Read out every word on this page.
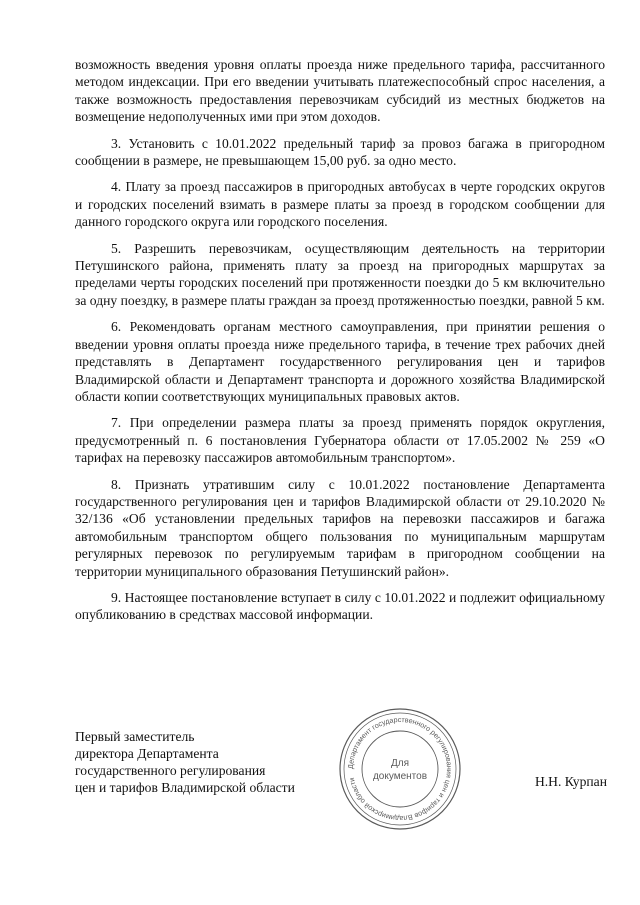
возможность введения уровня оплаты проезда ниже предельного тарифа, рассчитанного методом индексации. При его введении учитывать платежеспособный спрос населения, а также возможность предоставления перевозчикам субсидий из местных бюджетов на возмещение недополученных ими при этом доходов.

3. Установить с 10.01.2022 предельный тариф за провоз багажа в пригородном сообщении в размере, не превышающем 15,00 руб. за одно место.

4. Плату за проезд пассажиров в пригородных автобусах в черте городских округов и городских поселений взимать в размере платы за проезд в городском сообщении для данного городского округа или городского поселения.

5. Разрешить перевозчикам, осуществляющим деятельность на территории Петушинского района, применять плату за проезд на пригородных маршрутах за пределами черты городских поселений при протяженности поездки до 5 км включительно за одну поездку, в размере платы граждан за проезд протяженностью поездки, равной 5 км.

6. Рекомендовать органам местного самоуправления, при принятии решения о введении уровня оплаты проезда ниже предельного тарифа, в течение трех рабочих дней представлять в Департамент государственного регулирования цен и тарифов Владимирской области и Департамент транспорта и дорожного хозяйства Владимирской области копии соответствующих муниципальных правовых актов.

7. При определении размера платы за проезд применять порядок округления, предусмотренный п. 6 постановления Губернатора области от 17.05.2002 № 259 «О тарифах на перевозку пассажиров автомобильным транспортом».

8. Признать утратившим силу с 10.01.2022 постановление Департамента государственного регулирования цен и тарифов Владимирской области от 29.10.2020 № 32/136 «Об установлении предельных тарифов на перевозки пассажиров и багажа автомобильным транспортом общего пользования по муниципальным маршрутам регулярных перевозок по регулируемым тарифам в пригородном сообщении на территории муниципального образования Петушинский район».

9. Настоящее постановление вступает в силу с 10.01.2022 и подлежит официальному опубликованию в средствах массовой информации.

Первый заместитель
директора Департамента
государственного регулирования
цен и тарифов Владимирской области
Департамент государственного регулирования цен и тарифов Владимирской области
Для
документов	Н.Н. Курпан
